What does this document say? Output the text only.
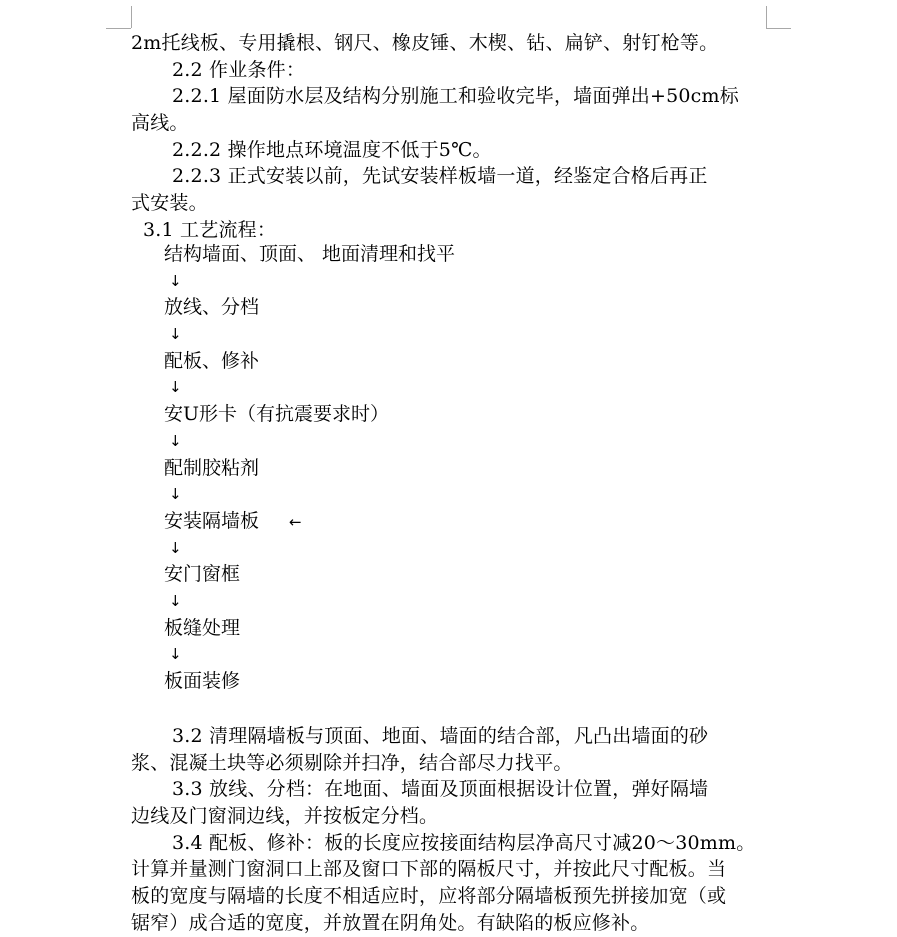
2m托线板、专用撬根、钢尺、橡皮锤、木楔、钻、扁铲、射钉枪等。
2.2 作业条件：
2.2.1 屋面防水层及结构分别施工和验收完毕，墙面弹出+50cm标
高线。
2.2.2 操作地点环境温度不低于5℃。
2.2.3 正式安装以前，先试安装样板墙一道，经鉴定合格后再正
式安装。
3.1 工艺流程：
结构墙面、顶面、 地面清理和找平
↓
放线、分档
↓
配板、修补
↓
安U形卡（有抗震要求时）
↓
配制胶粘剂
↓
安装隔墙板 ←
↓
安门窗框
↓
板缝处理
↓
板面装修
3.2 清理隔墙板与顶面、地面、墙面的结合部，凡凸出墙面的砂
浆、混凝土块等必须剔除并扫净，结合部尽力找平。
3.3 放线、分档：在地面、墙面及顶面根据设计位置，弹好隔墙
边线及门窗洞边线，并按板定分档。
3.4 配板、修补：板的长度应按接面结构层净高尺寸减20～30mm。
计算并量测门窗洞口上部及窗口下部的隔板尺寸，并按此尺寸配板。当
板的宽度与隔墙的长度不相适应时，应将部分隔墙板预先拼接加宽（或
锯窄）成合适的宽度，并放置在阴角处。有缺陷的板应修补。
